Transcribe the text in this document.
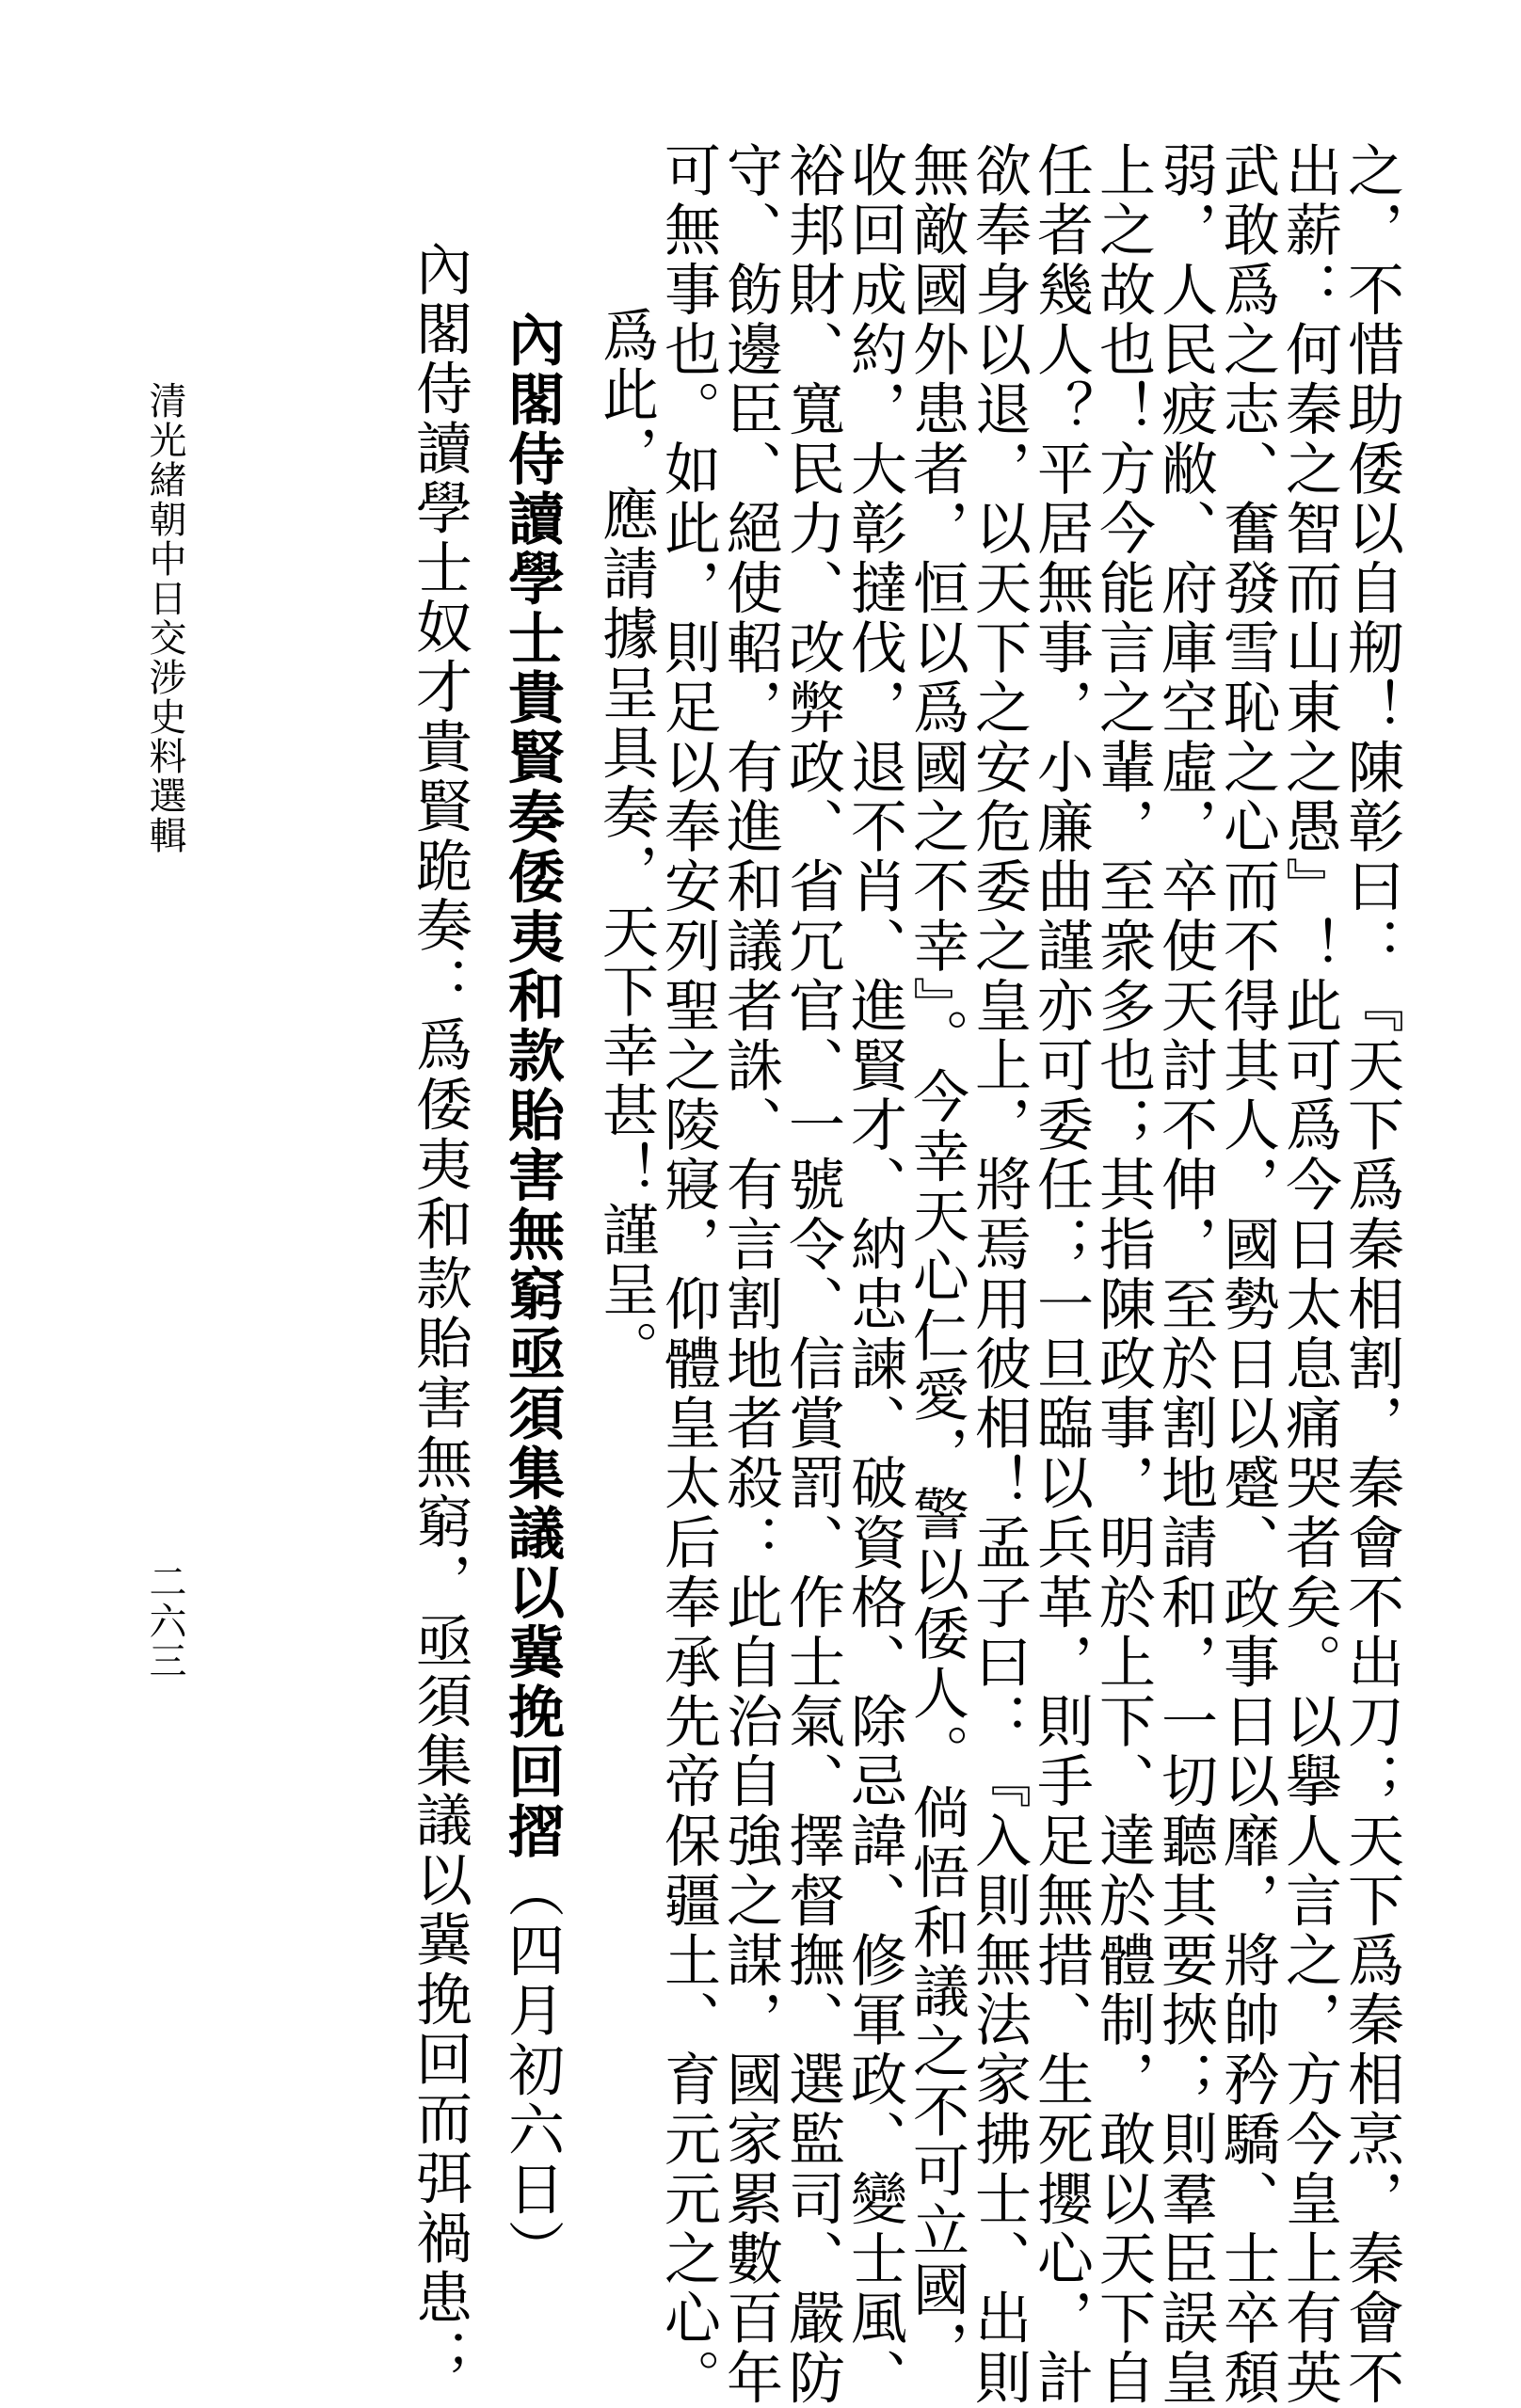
之，不惜助倭以自剏！陳彰曰：『天下爲秦相割，秦會不出刀；天下爲秦相烹，秦會不
出薪：何秦之智而山東之愚』！此可爲今日太息痛哭者矣。以擧人言之，方今皇上有英
武敢爲之志、奮發雪恥之心而不得其人，國勢日以蹙、政事日以靡，將帥矜驕、士卒頽
弱，人民疲敝、府庫空虛，卒使天討不伸，至於割地請和，一切聽其要挾；則羣臣誤皇
上之故也！方今能言之輩，至衆多也；其指陳政事，明於上下、達於體制，敢以天下自
任者幾人？平居無事，小廉曲謹亦可委任；一旦臨以兵革，則手足無措、生死攖心，計
欲奉身以退，以天下之安危委之皇上，將焉用彼相！孟子曰：『入則無法家拂士、出則
無敵國外患者，恒以爲國之不幸』。今幸天心仁愛，警以倭人。倘悟和議之不可立國，
收回成約，大彰撻伐，退不肖、進賢才、納忠諫、破資格、除忌諱、修軍政、變士風、
裕邦財、寬民力、改弊政、省冗官、一號令、信賞罰、作士氣、擇督撫、選監司、嚴防
守、飭邊臣、絕使軺，有進和議者誅、有言割地者殺：此自治自強之謀，國家累數百年
可無事也。如此，則足以奉安列聖之陵寢，仰體皇太后奉承先帝保疆土、育元元之心。
爲此，應請據呈具奏，天下幸甚！謹呈。
內閣侍讀學士貴賢奏倭夷和款貽害無窮亟須集議以冀挽回摺（四月初六日）
內閣侍讀學士奴才貴賢跪奏：爲倭夷和款貽害無窮，亟須集議以冀挽回而弭禍患；
清光緒朝中日交涉史料選輯
二六三
